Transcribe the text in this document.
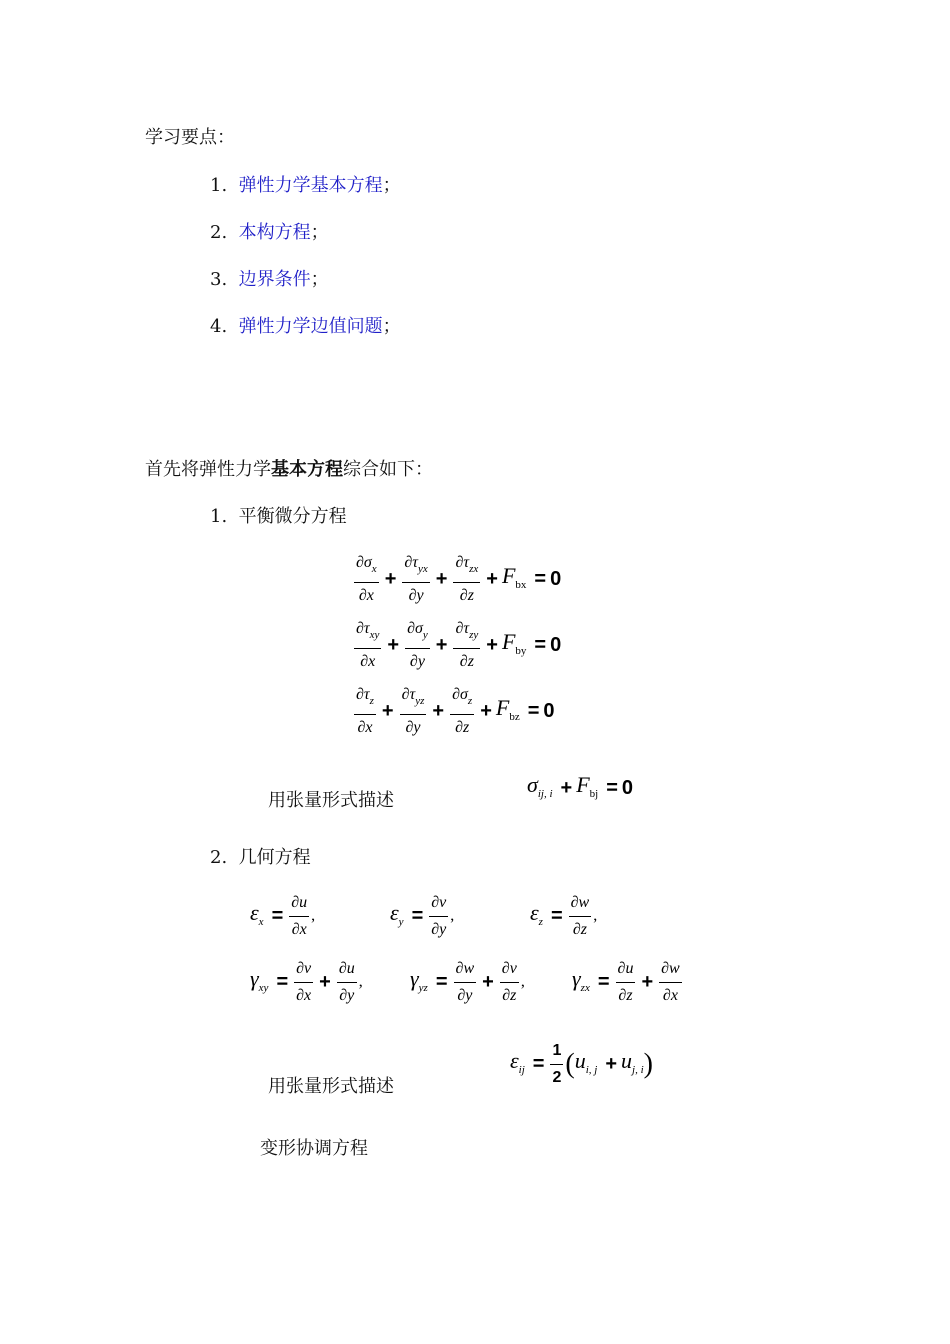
学习要点：
1. 弹性力学基本方程；
2. 本构方程；
3. 边界条件；
4. 弹性力学边值问题；
首先将弹性力学基本方程综合如下：
1.  平衡微分方程
$\frac{\partial\sigma_x}{\partial x} + \frac{\partial\tau_{yx}}{\partial y} + \frac{\partial\tau_{zx}}{\partial z} + F_{bx} = 0$
$\frac{\partial\tau_{xy}}{\partial x} + \frac{\partial\sigma_y}{\partial y} + \frac{\partial\tau_{zy}}{\partial z} + F_{by} = 0$
$\frac{\partial\tau_z}{\partial x} + \frac{\partial\tau_{yz}}{\partial y} + \frac{\partial\sigma_z}{\partial z} + F_{bz} = 0$
用张量形式描述
$\sigma_{ij, i} + F_{bj} = 0$
2.  几何方程
$\varepsilon_x = \frac{\partial u}{\partial x}$ ,	$\varepsilon_y = \frac{\partial v}{\partial y}$ ,	$\varepsilon_z = \frac{\partial w}{\partial z}$ ,
$\gamma_{xy} = \frac{\partial v}{\partial x} + \frac{\partial u}{\partial y}$ , $\gamma_{yz} = \frac{\partial w}{\partial y} + \frac{\partial v}{\partial z}$ , $\gamma_{zx} = \frac{\partial u}{\partial z} + \frac{\partial w}{\partial x}$
用张量形式描述
$\varepsilon_{ij} = \frac{1}{2} (u_{i, j} + u_{j, i})$
变形协调方程
